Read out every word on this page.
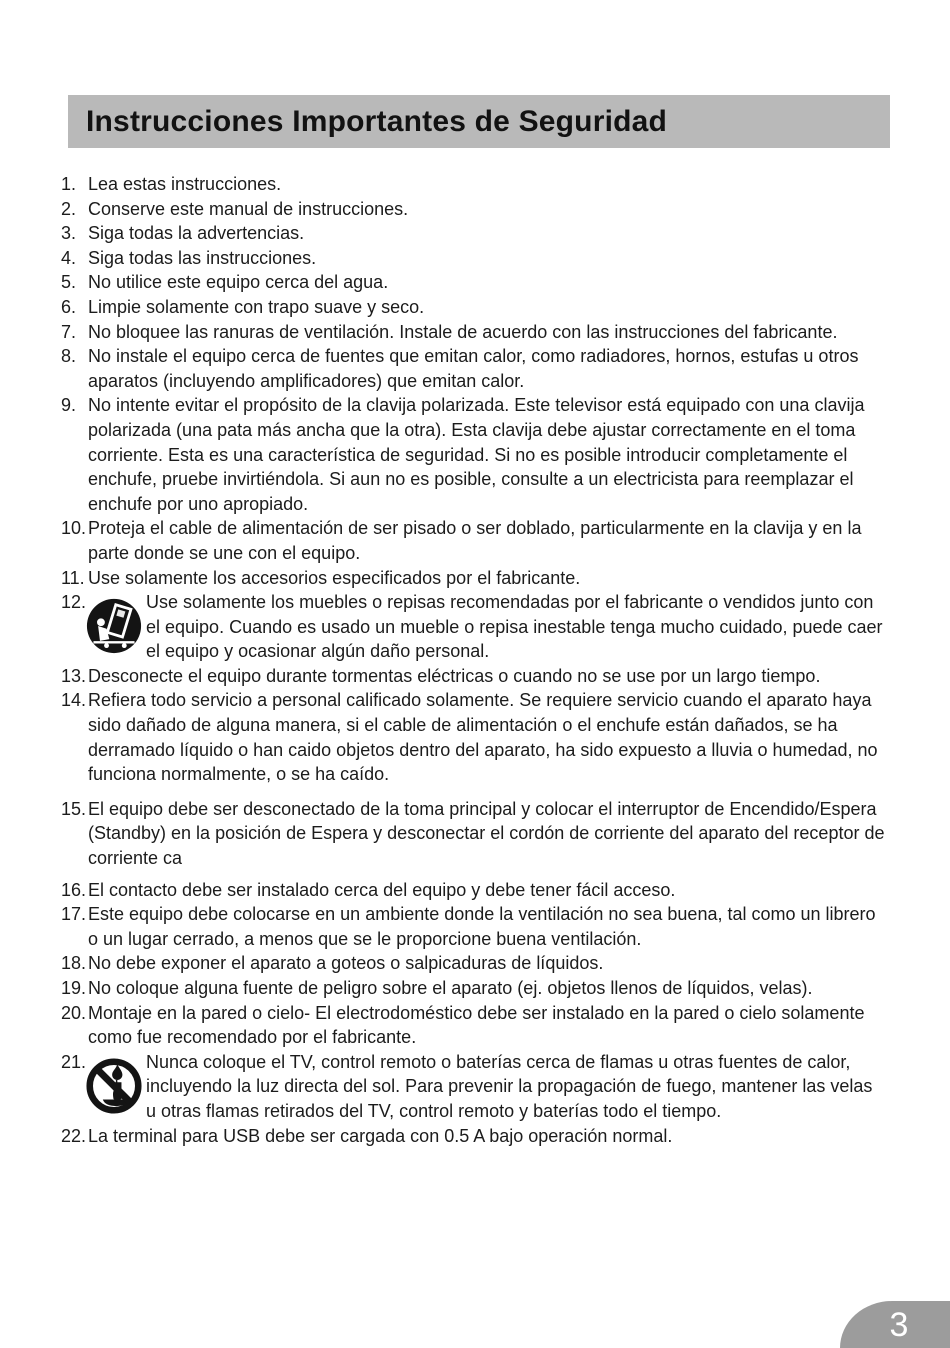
Instrucciones Importantes de Seguridad
1. Lea estas instrucciones.
2. Conserve este manual de instrucciones.
3. Siga todas la advertencias.
4. Siga todas las instrucciones.
5. No utilice este equipo cerca del agua.
6. Limpie solamente con trapo suave y seco.
7. No bloquee las ranuras de ventilación. Instale de acuerdo con las instrucciones del fabricante.
8. No instale el equipo cerca de fuentes que emitan calor, como radiadores, hornos, estufas u otros aparatos (incluyendo amplificadores) que emitan calor.
9. No intente evitar el propósito de la clavija polarizada. Este televisor está equipado con una clavija polarizada (una pata más ancha que la otra). Esta clavija debe ajustar correctamente en el toma corriente. Esta es una característica de seguridad. Si no es posible introducir completamente el enchufe, pruebe invirtiéndola. Si aun no es posible, consulte a un electricista para reemplazar el enchufe por uno apropiado.
10. Proteja el cable de alimentación de ser pisado o ser doblado, particularmente en la clavija y en la parte donde se une con el equipo.
11. Use solamente los accesorios especificados por el fabricante.
12.	Use solamente los muebles o repisas recomendadas por el fabricante o vendidos junto con el equipo. Cuando es usado un mueble o repisa inestable tenga mucho cuidado, puede caer el equipo y ocasionar algún daño personal.
13. Desconecte el equipo durante tormentas eléctricas o cuando no se use por un largo tiempo.
14. Refiera todo servicio a personal calificado solamente. Se requiere servicio cuando el aparato haya sido dañado de alguna manera, si el cable de alimentación o el enchufe están dañados, se ha derramado líquido o han caido objetos dentro del aparato, ha sido expuesto a lluvia o humedad, no funciona normalmente, o se ha caído.
15. El equipo debe ser desconectado de la toma principal y colocar el interruptor de Encendido/Espera (Standby) en la posición de Espera y desconectar el cordón de corriente del aparato del receptor de corriente ca
16. El contacto debe ser instalado cerca del equipo y debe tener fácil acceso.
17. Este equipo debe colocarse en un ambiente donde la ventilación no sea buena, tal como un librero o un lugar cerrado, a menos que se le proporcione buena ventilación.
18. No debe exponer el aparato a goteos o salpicaduras de líquidos.
19. No coloque alguna fuente de peligro sobre el aparato (ej. objetos llenos de líquidos, velas).
20. Montaje en la pared o cielo- El electrodoméstico debe ser instalado en la pared o cielo solamente como fue recomendado por el fabricante.
21.	Nunca coloque el TV, control remoto o baterías cerca de flamas u otras fuentes de calor, incluyendo la luz directa del sol. Para prevenir la propagación de fuego, mantener las velas u otras flamas retirados del TV, control remoto y baterías todo el tiempo.
22. La terminal para USB debe ser cargada con 0.5 A bajo operación normal.
3
